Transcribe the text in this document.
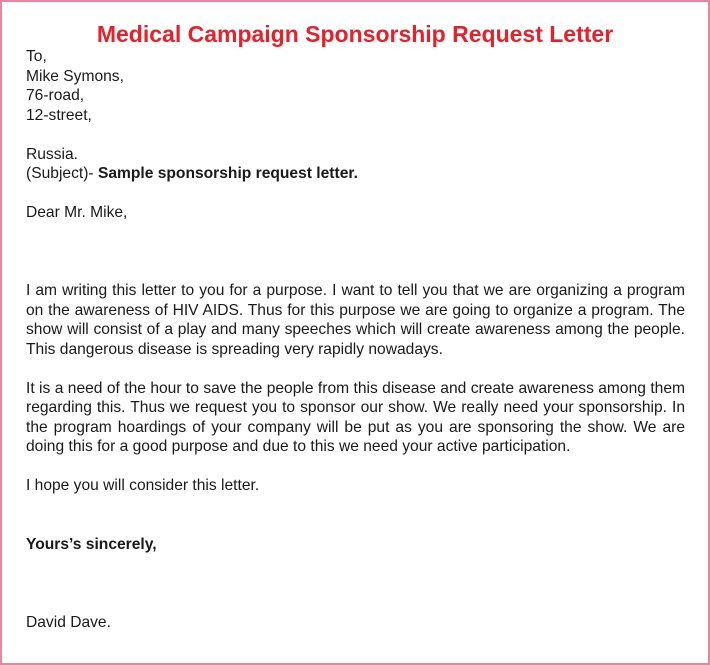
Medical Campaign Sponsorship Request Letter
To,
Mike Symons,
76-road,
12-street,
Russia.
(Subject)- Sample sponsorship request letter.
Dear Mr. Mike,
I am writing this letter to you for a purpose. I want to tell you that we are organizing a program on the awareness of HIV AIDS. Thus for this purpose we are going to organize a program. The show will consist of a play and many speeches which will create awareness among the people. This dangerous disease is spreading very rapidly nowadays.
It is a need of the hour to save the people from this disease and create awareness among them regarding this. Thus we request you to sponsor our show. We really need your sponsorship. In the program hoardings of your company will be put as you are sponsoring the show. We are doing this for a good purpose and due to this we need your active participation.
I hope you will consider this letter.
Yours’s sincerely,
David Dave.
